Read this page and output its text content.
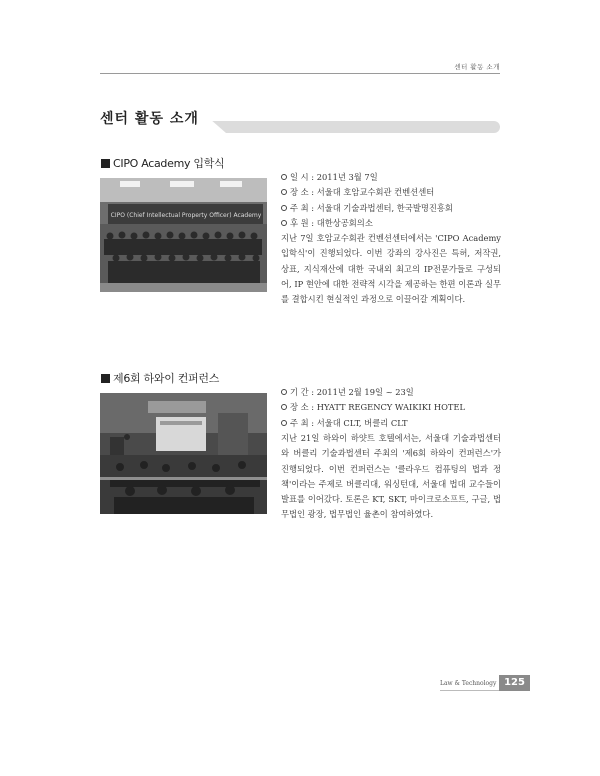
센터 활동 소개
센터 활동 소개
CIPO Academy 입학식
CIPO (Chief Intellectual Property Officer) Academy
일 시 : 2011년 3월 7일
장 소 : 서울대 호암교수회관 컨벤션센터
주 최 : 서울대 기술과법센터, 한국발명진흥회
후 원 : 대한상공회의소
지난 7일 호암교수회관 컨벤션센터에서는 'CIPO Academy 입학식'이 진행되었다. 이번 강좌의 강사진은 특허, 저작권, 상표, 지식재산에 대한 국내외 최고의 IP전문가들로 구성되어, IP 현안에 대한 전략적 시각을 제공하는 한편 이론과 실무를 결합시킨 현실적인 과정으로 이끌어갈 계획이다.
제6회 하와이 컨퍼런스
기 간 : 2011년 2월 19일 ~ 23일
장 소 : HYATT REGENCY WAIKIKI HOTEL
주 최 : 서울대 CLT, 버클리 CLT
지난 21일 하와이 하얏트 호텔에서는, 서울대 기술과법센터와 버클리 기술과법센터 주최의 '제6회 하와이 컨퍼런스'가 진행되었다. 이번 컨퍼런스는 '클라우드 컴퓨팅의 법과 정책'이라는 주제로 버클리대, 워싱턴대, 서울대 법대 교수들이 발표를 이어갔다. 토론은 KT, SKT, 마이크로소프트, 구글, 법무법인 광장, 법무법인 율촌이 참여하였다.
Law & Technology 125
